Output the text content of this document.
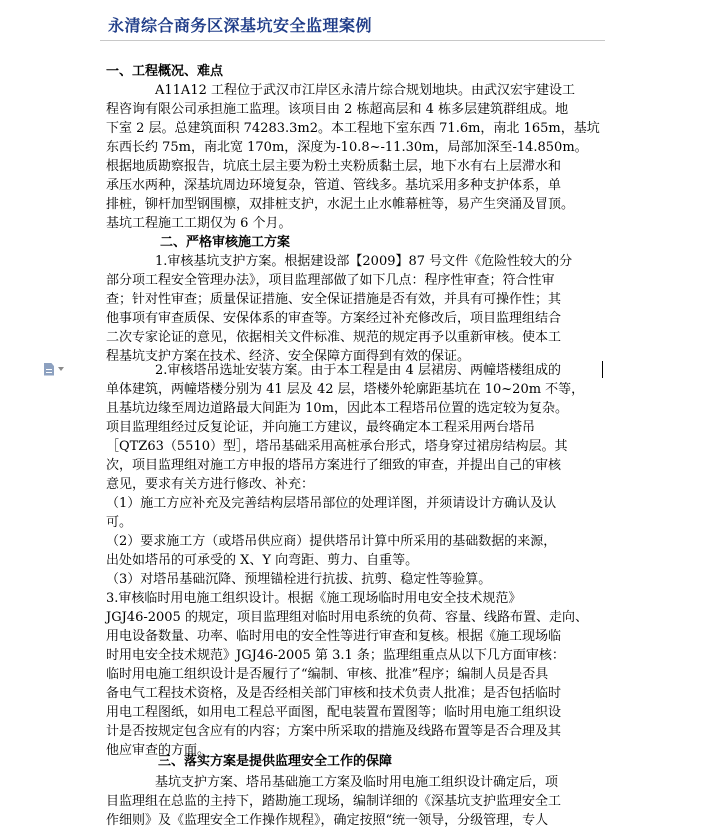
永清综合商务区深基坑安全监理案例
一、工程概况、难点
A11A12 工程位于武汉市江岸区永清片综合规划地块。由武汉宏宇建设工
程咨询有限公司承担施工监理。该项目由 2 栋超高层和 4 栋多层建筑群组成。地
下室 2 层。总建筑面积 74283.3m2。本工程地下室东西 71.6m，南北 165m，基坑
东西长约 75m，南北宽 170m，深度为-10.8~-11.30m，局部加深至-14.850m。
根据地质勘察报告，坑底土层主要为粉土夹粉质黏土层，地下水有右上层滞水和
承压水两种，深基坑周边环境复杂，管道、管线多。基坑采用多种支护体系，单
排桩，铆杆加型钢围檩，双排桩支护，水泥土止水帷幕桩等，易产生突涌及冒顶。
基坑工程施工工期仅为 6 个月。
二、严格审核施工方案
1.审核基坑支护方案。根据建设部【2009】87 号文件《危险性较大的分
部分项工程安全管理办法》，项目监理部做了如下几点：程序性审查；符合性审
查；针对性审查；质量保证措施、安全保证措施是否有效，并具有可操作性；其
他事项有审查质保、安保体系的审查等。方案经过补充修改后，项目监理组结合
二次专家论证的意见，依据相关文件标准、规范的规定再予以重新审核。使本工
程基坑支护方案在技术、经济、安全保障方面得到有效的保证。
2.审核塔吊选址安装方案。由于本工程是由 4 层裙房、两幢塔楼组成的
单体建筑，两幢塔楼分别为 41 层及 42 层，塔楼外轮廓距基坑在 10~20m 不等，
且基坑边缘至周边道路最大间距为 10m，因此本工程塔吊位置的选定较为复杂。
项目监理组经过反复论证，并向施工方建议，最终确定本工程采用两台塔吊
［QTZ63（5510）型］，塔吊基础采用高桩承台形式，塔身穿过裙房结构层。其
次，项目监理组对施工方申报的塔吊方案进行了细致的审查，并提出自己的审核
意见，要求有关方进行修改、补充：
（1）施工方应补充及完善结构层塔吊部位的处理详图，并须请设计方确认及认
可。
（2）要求施工方（或塔吊供应商）提供塔吊计算中所采用的基础数据的来源，
出处如塔吊的可承受的 X、Y 向弯距、剪力、自重等。
（3）对塔吊基础沉降、预埋锚栓进行抗拔、抗剪、稳定性等验算。
3.审核临时用电施工组织设计。根据《施工现场临时用电安全技术规范》
JGJ46-2005 的规定，项目监理组对临时用电系统的负荷、容量、线路布置、走向、
用电设备数量、功率、临时用电的安全性等进行审查和复核。根据《施工现场临
时用电安全技术规范》JGJ46-2005 第 3.1 条；监理组重点从以下几方面审核：
临时用电施工组织设计是否履行了“编制、审核、批准”程序；编制人员是否具
备电气工程技术资格，及是否经相关部门审核和技术负责人批准；是否包括临时
用电工程图纸，如用电工程总平面图，配电装置布置图等；临时用电施工组织设
计是否按规定包含应有的内容；方案中所采取的措施及线路布置等是否合理及其
他应审查的方面。
三、落实方案是提供监理安全工作的保障
基坑支护方案、塔吊基础施工方案及临时用电施工组织设计确定后，项
目监理组在总监的主持下，踏勘施工现场，编制详细的《深基坑支护监理安全工
作细则》及《监理安全工作操作规程》，确定按照“统一领导，分级管理，专人
